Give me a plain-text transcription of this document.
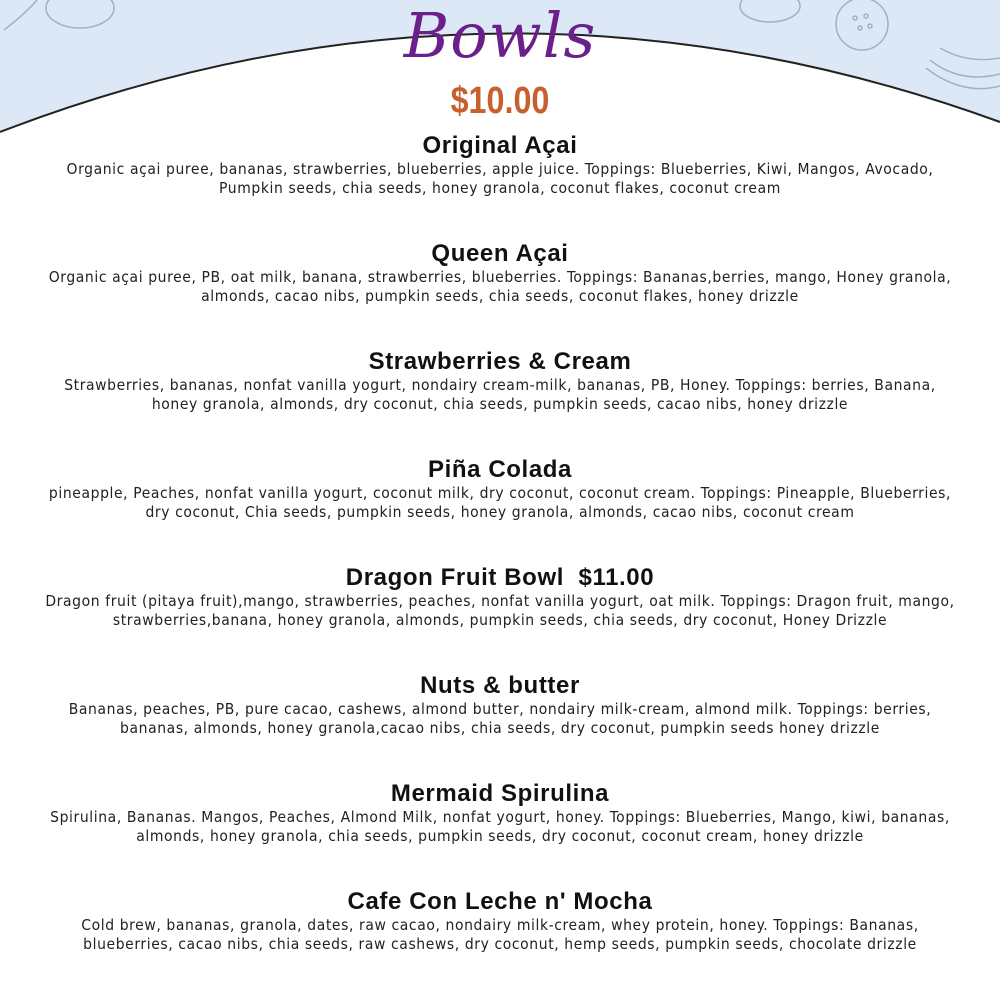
Bowls
$10.00
Original Açai
Organic açai puree, bananas, strawberries, blueberries, apple juice. Toppings: Blueberries, Kiwi, Mangos, Avocado, Pumpkin seeds, chia seeds, honey granola, coconut flakes, coconut cream
Queen Açai
Organic açai puree, PB, oat milk, banana, strawberries, blueberries. Toppings: Bananas,berries, mango, Honey granola, almonds, cacao nibs, pumpkin seeds, chia seeds, coconut flakes, honey drizzle
Strawberries & Cream
Strawberries, bananas, nonfat vanilla yogurt, nondairy cream-milk, bananas, PB, Honey. Toppings: berries, Banana, honey granola, almonds, dry coconut, chia seeds, pumpkin seeds, cacao nibs, honey drizzle
Piña Colada
pineapple, Peaches, nonfat vanilla yogurt, coconut milk, dry coconut, coconut cream. Toppings: Pineapple, Blueberries, dry coconut, Chia seeds, pumpkin seeds, honey granola, almonds, cacao nibs, coconut cream
Dragon Fruit Bowl  $11.00
Dragon fruit (pitaya fruit),mango, strawberries, peaches, nonfat vanilla yogurt, oat milk. Toppings: Dragon fruit, mango, strawberries,banana, honey granola, almonds, pumpkin seeds, chia seeds, dry coconut, Honey Drizzle
Nuts & butter
Bananas, peaches, PB, pure cacao, cashews, almond butter, nondairy milk-cream, almond milk. Toppings: berries, bananas, almonds, honey granola,cacao nibs, chia seeds, dry coconut, pumpkin seeds honey drizzle
Mermaid Spirulina
Spirulina, Bananas. Mangos, Peaches, Almond Milk, nonfat yogurt, honey. Toppings: Blueberries, Mango, kiwi, bananas, almonds, honey granola, chia seeds, pumpkin seeds, dry coconut, coconut cream, honey drizzle
Cafe Con Leche n' Mocha
Cold brew, bananas, granola, dates, raw cacao, nondairy milk-cream, whey protein, honey. Toppings: Bananas, blueberries, cacao nibs, chia seeds, raw cashews, dry coconut, hemp seeds, pumpkin seeds, chocolate drizzle
